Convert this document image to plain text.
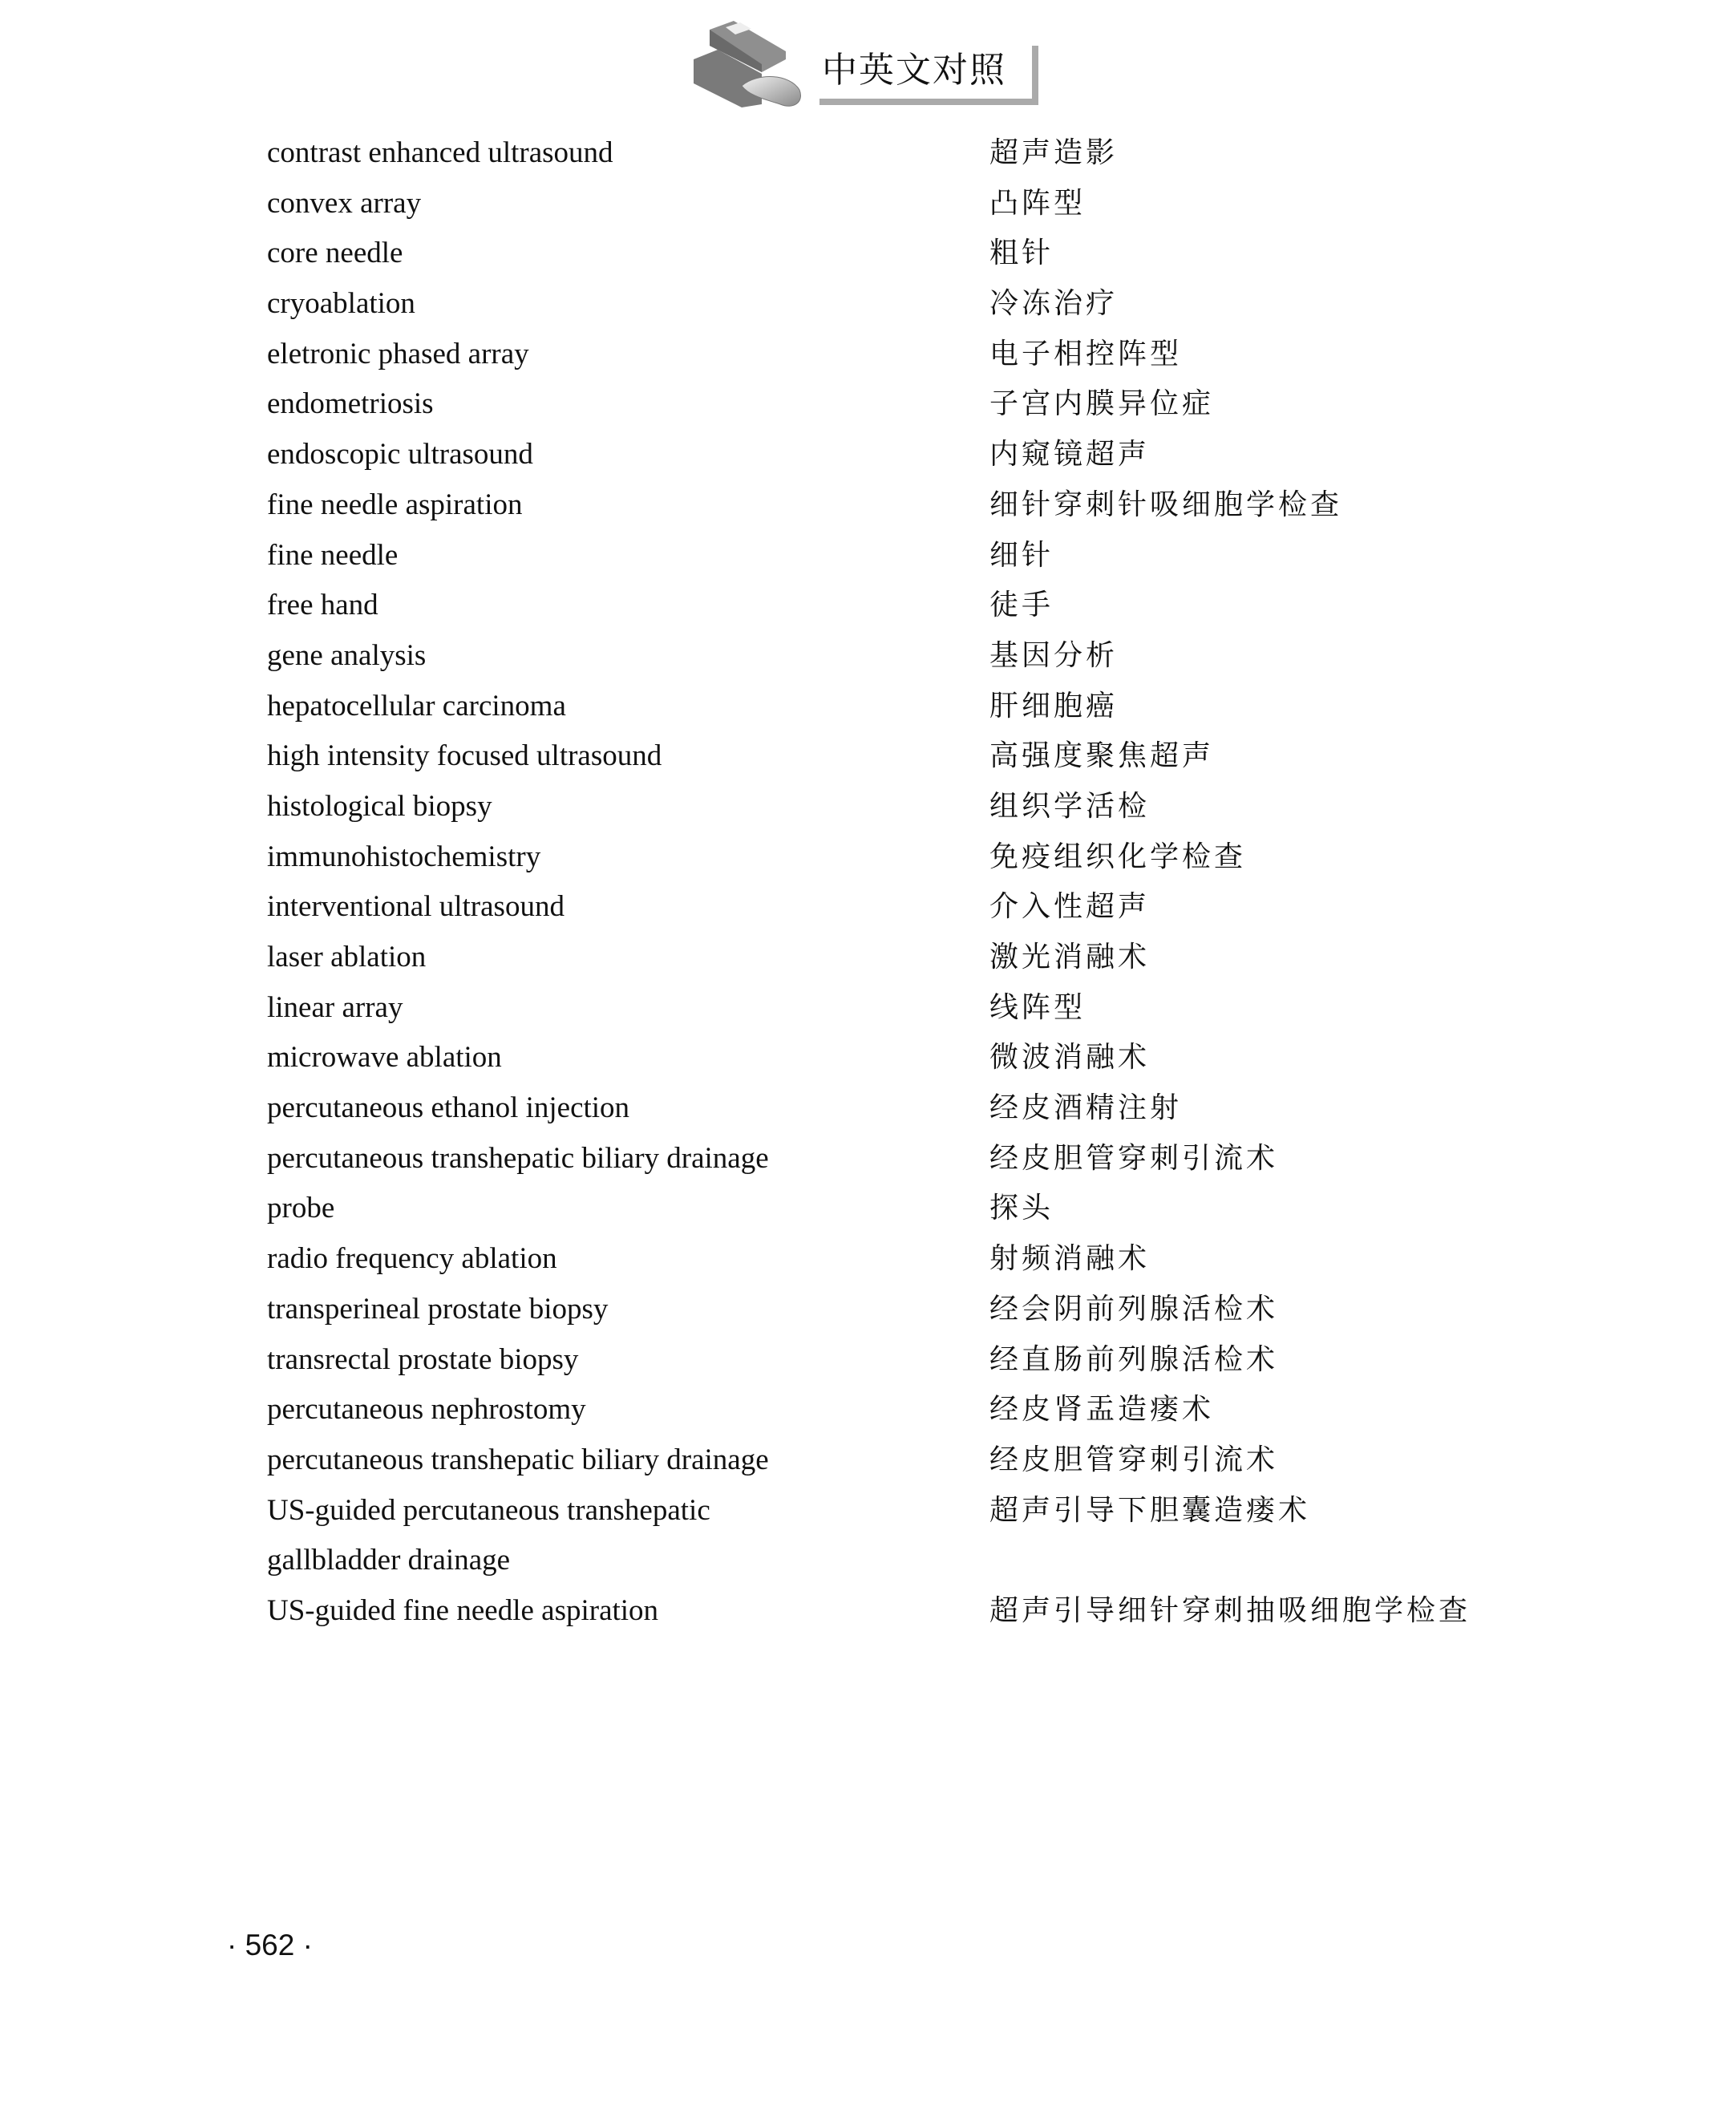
中英文对照
contrast enhanced ultrasound	超声造影
convex array	凸阵型
core needle	粗针
cryoablation	冷冻治疗
eletronic phased array	电子相控阵型
endometriosis	子宫内膜异位症
endoscopic ultrasound	内窥镜超声
fine needle aspiration	细针穿刺针吸细胞学检查
fine needle	细针
free hand	徒手
gene analysis	基因分析
hepatocellular carcinoma	肝细胞癌
high intensity focused ultrasound	高强度聚焦超声
histological biopsy	组织学活检
immunohistochemistry	免疫组织化学检查
interventional ultrasound	介入性超声
laser ablation	激光消融术
linear array	线阵型
microwave ablation	微波消融术
percutaneous ethanol injection	经皮酒精注射
percutaneous transhepatic biliary drainage	经皮胆管穿刺引流术
probe	探头
radio frequency ablation	射频消融术
transperineal prostate biopsy	经会阴前列腺活检术
transrectal prostate biopsy	经直肠前列腺活检术
percutaneous nephrostomy	经皮肾盂造瘘术
percutaneous transhepatic biliary drainage	经皮胆管穿刺引流术
US-guided percutaneous transhepatic	超声引导下胆囊造瘘术
gallbladder drainage
US-guided fine needle aspiration	超声引导细针穿刺抽吸细胞学检查
· 562 ·
